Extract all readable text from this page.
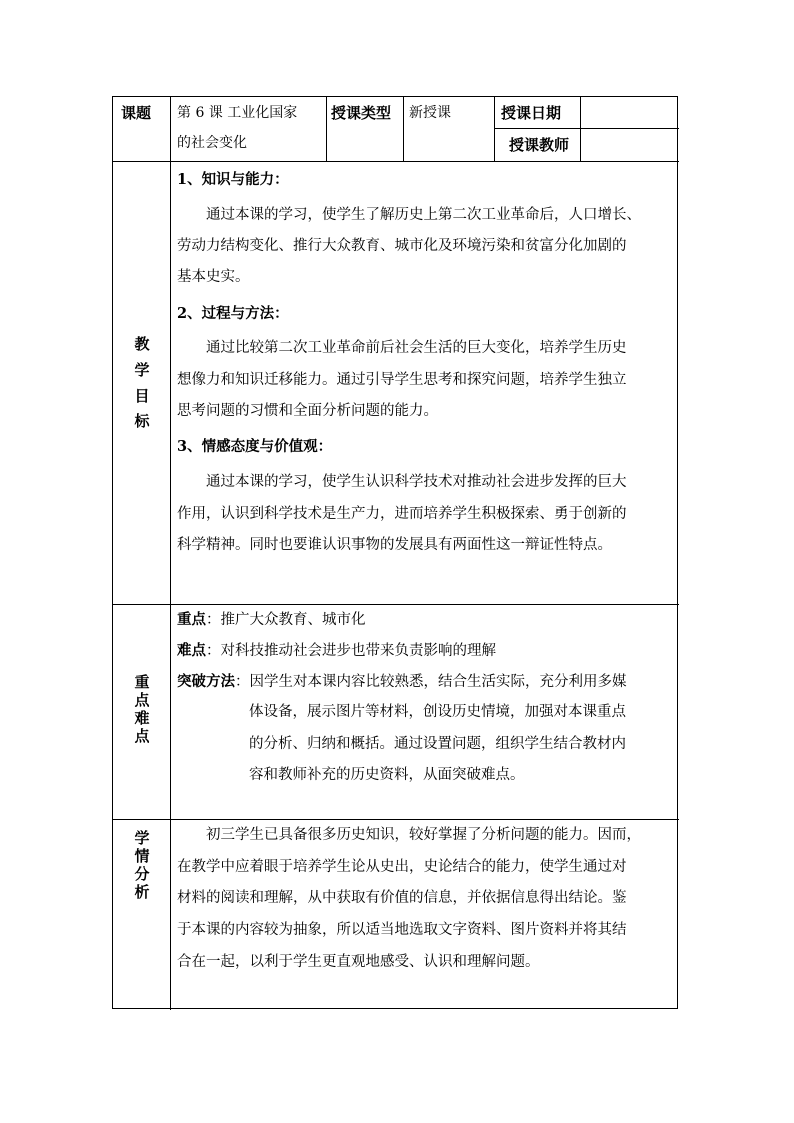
课题 第 6 课 工业化国家
的社会变化
授课类型 新授课	授课日期
授课教师
教
学
目
标
1、知识与能力：
通过本课的学习，使学生了解历史上第二次工业革命后，人口增长、
劳动力结构变化、推行大众教育、城市化及环境污染和贫富分化加剧的
基本史实。
2、过程与方法：
通过比较第二次工业革命前后社会生活的巨大变化，培养学生历史
想像力和知识迁移能力。通过引导学生思考和探究问题，培养学生独立
思考问题的习惯和全面分析问题的能力。
3、情感态度与价值观：
通过本课的学习，使学生认识科学技术对推动社会进步发挥的巨大
作用，认识到科学技术是生产力，进而培养学生积极探索、勇于创新的
科学精神。同时也要谁认识事物的发展具有两面性这一辩证性特点。
重
点
难
点
重点：推广大众教育、城市化
难点：对科技推动社会进步也带来负责影响的理解
突破方法：因学生对本课内容比较熟悉，结合生活实际，充分利用多媒
体设备，展示图片等材料，创设历史情境，加强对本课重点
的分析、归纳和概括。通过设置问题，组织学生结合教材内
容和教师补充的历史资料，从面突破难点。
学
情
分
析
初三学生已具备很多历史知识，较好掌握了分析问题的能力。因而，
在教学中应着眼于培养学生论从史出，史论结合的能力，使学生通过对
材料的阅读和理解，从中获取有价值的信息，并依据信息得出结论。鉴
于本课的内容较为抽象，所以适当地选取文字资料、图片资料并将其结
合在一起，以利于学生更直观地感受、认识和理解问题。
